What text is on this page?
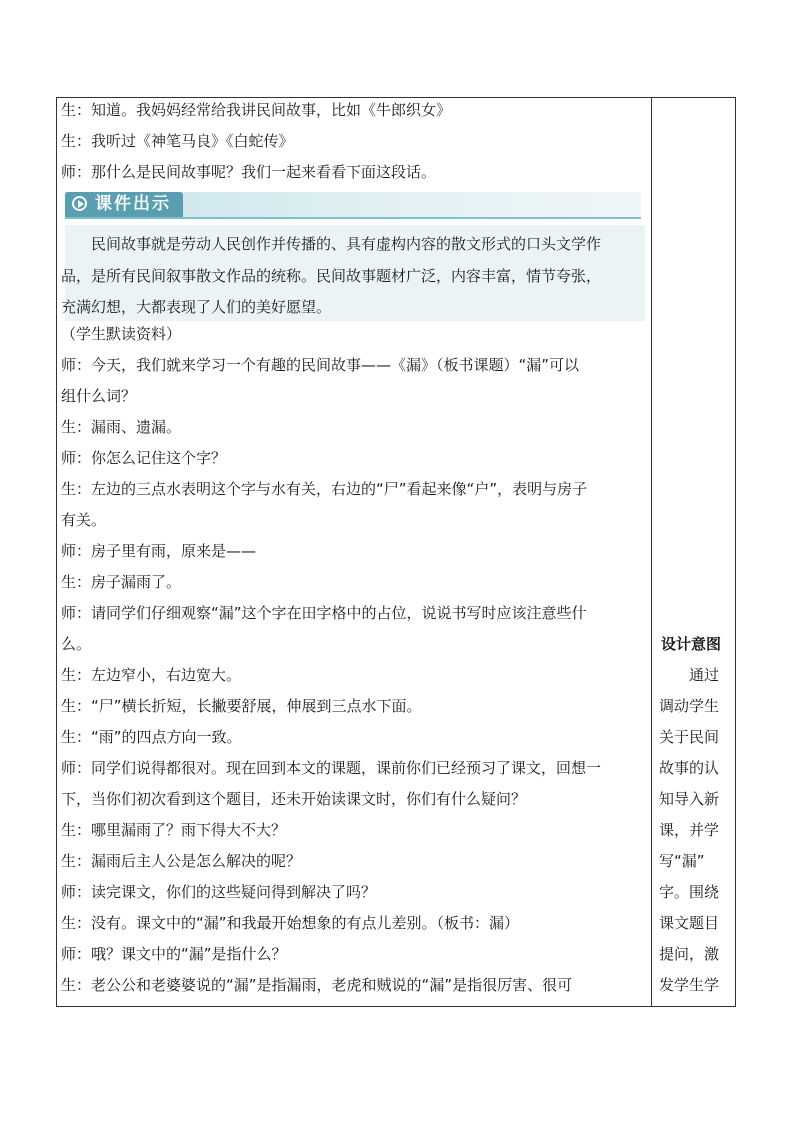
生：知道。我妈妈经常给我讲民间故事，比如《牛郎织女》
生：我听过《神笔马良》《白蛇传》
师：那什么是民间故事呢？我们一起来看看下面这段话。
课件出示
民间故事就是劳动人民创作并传播的、具有虚构内容的散文形式的口头文学作
品，是所有民间叙事散文作品的统称。民间故事题材广泛，内容丰富，情节夸张，
充满幻想，大都表现了人们的美好愿望。
（学生默读资料）
师：今天，我们就来学习一个有趣的民间故事——《漏》（板书课题）“漏”可以
组什么词？
生：漏雨、遗漏。
师：你怎么记住这个字？
生：左边的三点水表明这个字与水有关，右边的“尸”看起来像“户”，表明与房子
有关。
师：房子里有雨，原来是——
生：房子漏雨了。
师：请同学们仔细观察“漏”这个字在田字格中的占位，说说书写时应该注意些什
么。
生：左边窄小，右边宽大。
生：“尸”横长折短，长撇要舒展，伸展到三点水下面。
生：“雨”的四点方向一致。
师：同学们说得都很对。现在回到本文的课题，课前你们已经预习了课文，回想一
下，当你们初次看到这个题目，还未开始读课文时，你们有什么疑问？
生：哪里漏雨了？雨下得大不大？
生：漏雨后主人公是怎么解决的呢？
师：读完课文，你们的这些疑问得到解决了吗？
生：没有。课文中的“漏”和我最开始想象的有点儿差别。（板书：漏）
师：哦？课文中的“漏”是指什么？
生：老公公和老婆婆说的“漏”是指漏雨，老虎和贼说的“漏”是指很厉害、很可
设计意图
通过
调动学生
关于民间
故事的认
知导入新
课，并学
写“漏”
字。围绕
课文题目
提问，激
发学生学
